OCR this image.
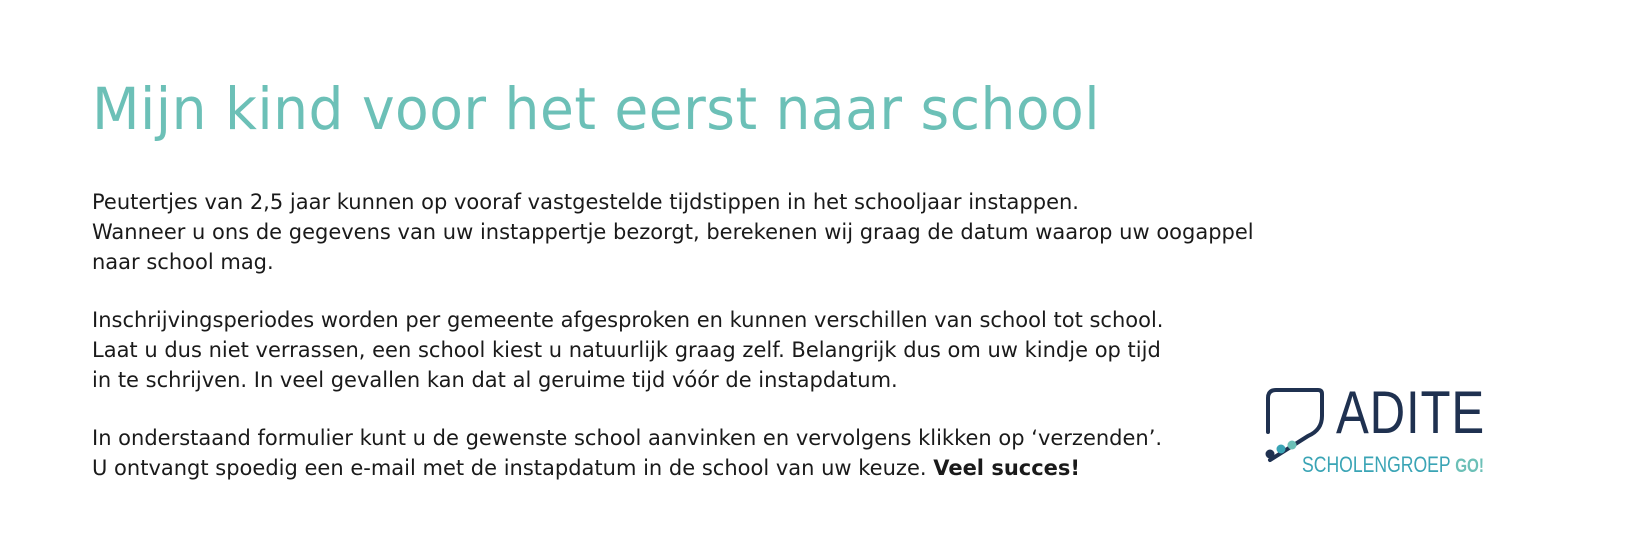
Mijn kind voor het eerst naar school

Peutertjes van 2,5 jaar kunnen op vooraf vastgestelde tijdstippen in het schooljaar instappen.
Wanneer u ons de gegevens van uw instappertje bezorgt, berekenen wij graag de datum waarop uw oogappel
naar school mag.

Inschrijvingsperiodes worden per gemeente afgesproken en kunnen verschillen van school tot school.
Laat u dus niet verrassen, een school kiest u natuurlijk graag zelf. Belangrijk dus om uw kindje op tijd
in te schrijven. In veel gevallen kan dat al geruime tijd vóór de instapdatum.

In onderstaand formulier kunt u de gewenste school aanvinken en vervolgens klikken op ‘verzenden’.
U ontvangt spoedig een e-mail met de instapdatum in de school van uw keuze. Veel succes!

ADITE
SCHOLENGROEP GO!
